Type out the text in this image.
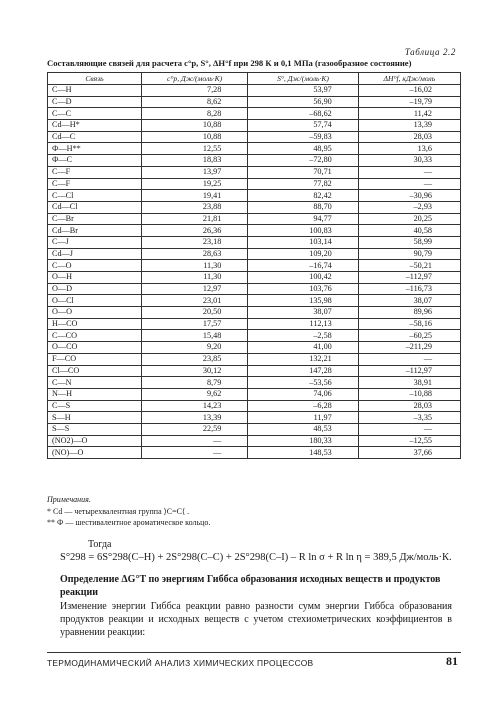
Таблица 2.2
Составляющие связей для расчета c°p, S°, ΔH°f при 298 К и 0,1 МПа (газообразное состояние)
Связь	c°p, Дж/(моль·К)	S°, Дж/(моль·К)	ΔH°f, кДж/моль
C—H	7,28	53,97	–16,02
C—D	8,62	56,90	–19,79
C—C	8,28	–68,62	11,42
Cd—H*	10,88	57,74	13,39
Cd—C	10,88	–59,83	28,03
Ф—H**	12,55	48,95	13,6
Ф—C	18,83	–72,80	30,33
C—F	13,97	70,71	—
C—F	19,25	77,82	—
C—Cl	19,41	82,42	–30,96
Cd—Cl	23,88	88,70	–2,93
C—Br	21,81	94,77	20,25
Cd—Br	26,36	100,83	40,58
C—J	23,18	103,14	58,99
Cd—J	28,63	109,20	90,79
C—O	11,30	–16,74	–50,21
O—H	11,30	100,42	–112,97
O—D	12,97	103,76	–116,73
O—Cl	23,01	135,98	38,07
O—O	20,50	38,07	89,96
H—CO	17,57	112,13	–58,16
C—CO	15,48	–2,58	–60,25
O—CO	9,20	41,00	–211,29
F—CO	23,85	132,21	—
Cl—CO	30,12	147,28	–112,97
C—N	8,79	–53,56	38,91
N—H	9,62	74,06	–10,88
C—S	14,23	–6,28	28,03
S—H	13,39	11,97	–3,35
S—S	22,59	48,53	—
(NO2)—O	—	180,33	–12,55
(NO)—O	—	148,53	37,66
Примечания.
* Cd — четырехвалентная группа ⟩C=C⟨ .
** Ф — шестивалентное ароматическое кольцо.
Тогда
S°298 = 6S°298(C–H) + 2S°298(C–C) + 2S°298(C–I) – R ln σ + R ln η = 389,5 Дж/моль·К.
Определение ΔG°T по энергиям Гиббса образования исходных веществ и продуктов реакции
Изменение энергии Гиббса реакции равно разности сумм энергии Гиббса образования продуктов реакции и исходных веществ с учетом стехиометрических коэффициентов в уравнении реакции:
ТЕРМОДИНАМИЧЕСКИЙ АНАЛИЗ ХИМИЧЕСКИХ ПРОЦЕССОВ	81
